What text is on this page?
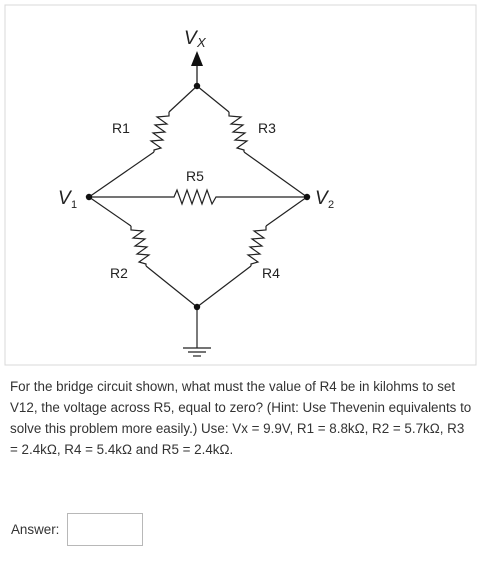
V X
V 1	V 2
R1	R3
R5
R2	R4

For the bridge circuit shown, what must the value of R4 be in kilohms to set V12, the voltage across R5, equal to zero? (Hint: Use Thevenin equivalents to solve this problem more easily.) Use: Vx = 9.9V, R1 = 8.8kΩ, R2 = 5.7kΩ, R3 = 2.4kΩ, R4 = 5.4kΩ and R5 = 2.4kΩ.

Answer:
